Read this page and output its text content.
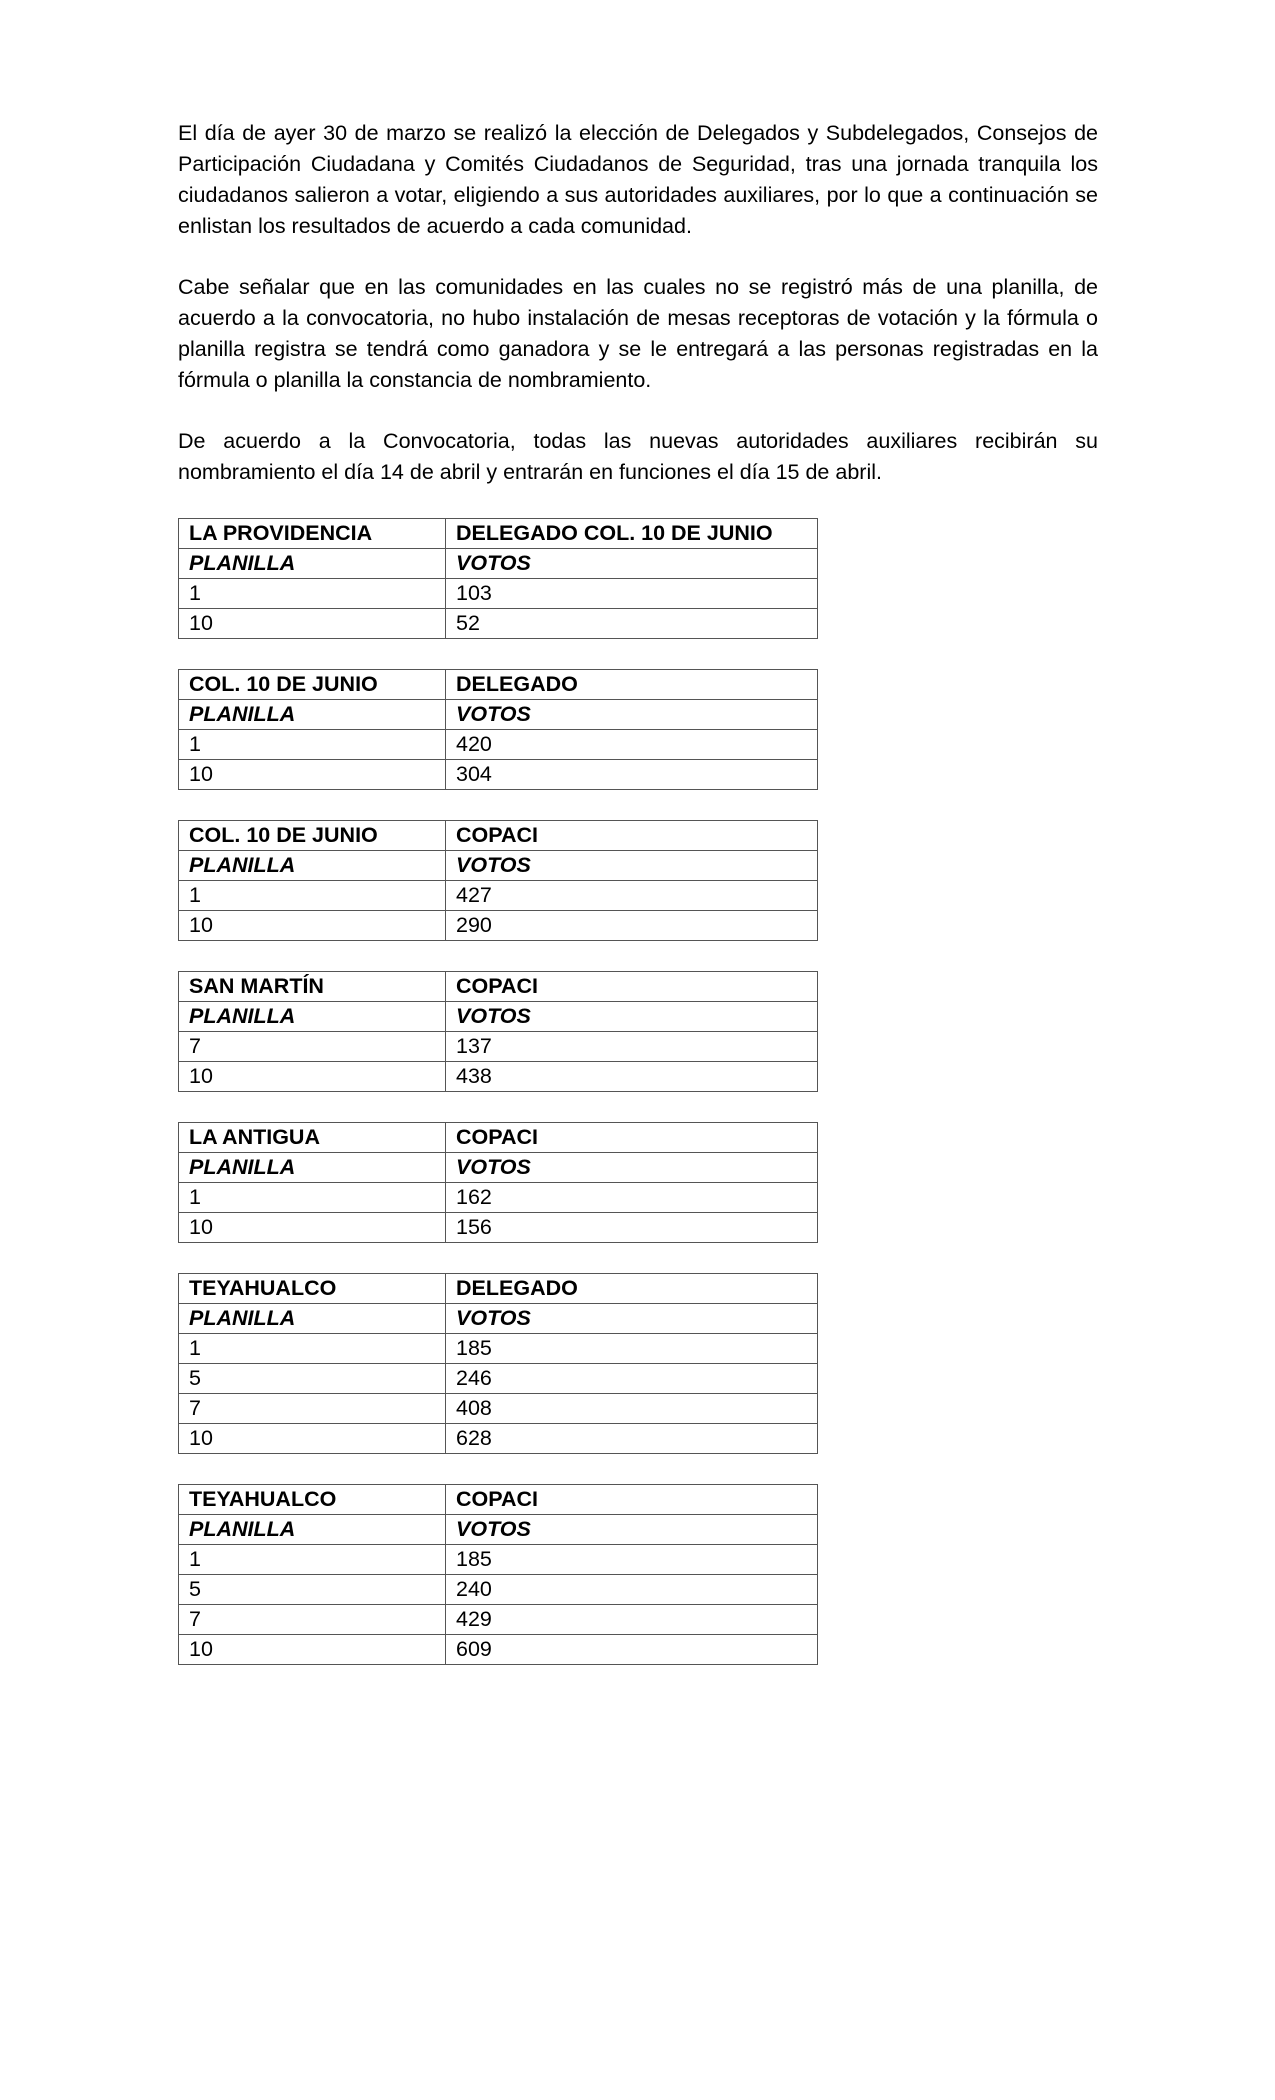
El día de ayer 30 de marzo se realizó la elección de Delegados y Subdelegados, Consejos de Participación Ciudadana y Comités Ciudadanos de Seguridad, tras una jornada tranquila los ciudadanos salieron a votar, eligiendo a sus autoridades auxiliares, por lo que a continuación se enlistan los resultados de acuerdo a cada comunidad.

Cabe señalar que en las comunidades en las cuales no se registró más de una planilla, de acuerdo a la convocatoria, no hubo instalación de mesas receptoras de votación y la fórmula o planilla registra se tendrá como ganadora y se le entregará a las personas registradas en la fórmula o planilla la constancia de nombramiento.

De acuerdo a la Convocatoria, todas las nuevas autoridades auxiliares recibirán su nombramiento el día 14 de abril y entrarán en funciones el día 15 de abril.

LA PROVIDENCIA	DELEGADO COL. 10 DE JUNIO
PLANILLA	VOTOS
1	103
10	52
COL. 10 DE JUNIO	DELEGADO
PLANILLA	VOTOS
1	420
10	304
COL. 10 DE JUNIO	COPACI
PLANILLA	VOTOS
1	427
10	290
SAN MARTÍN	COPACI
PLANILLA	VOTOS
7	137
10	438
LA ANTIGUA	COPACI
PLANILLA	VOTOS
1	162
10	156
TEYAHUALCO	DELEGADO
PLANILLA	VOTOS
1	185
5	246
7	408
10	628
TEYAHUALCO	COPACI
PLANILLA	VOTOS
1	185
5	240
7	429
10	609
